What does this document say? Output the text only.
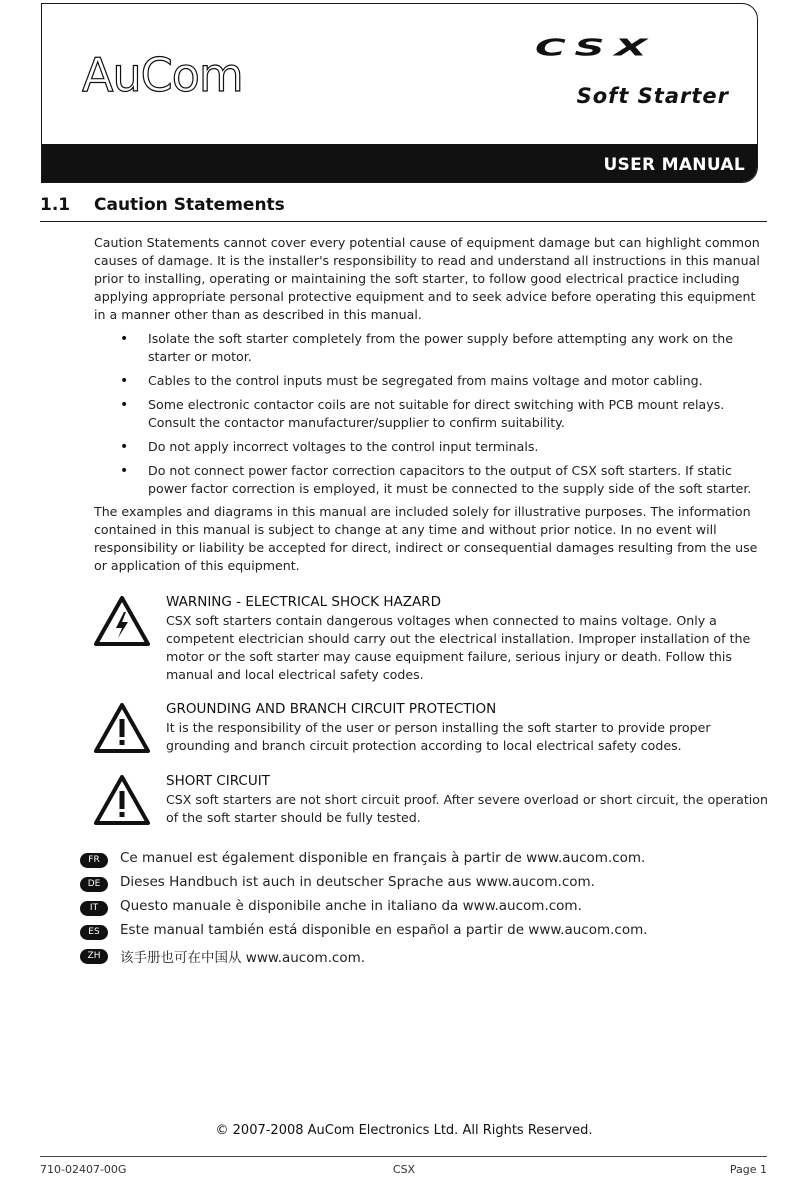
AuCom
CSX
Soft Starter
USER MANUAL
1.1 Caution Statements

Caution Statements cannot cover every potential cause of equipment damage but can highlight common causes of damage. It is the installer's responsibility to read and understand all instructions in this manual prior to installing, operating or maintaining the soft starter, to follow good electrical practice including applying appropriate personal protective equipment and to seek advice before operating this equipment in a manner other than as described in this manual.

• Isolate the soft starter completely from the power supply before attempting any work on the starter or motor.
• Cables to the control inputs must be segregated from mains voltage and motor cabling.
• Some electronic contactor coils are not suitable for direct switching with PCB mount relays. Consult the contactor manufacturer/supplier to confirm suitability.
• Do not apply incorrect voltages to the control input terminals.
• Do not connect power factor correction capacitors to the output of CSX soft starters. If static power factor correction is employed, it must be connected to the supply side of the soft starter.

The examples and diagrams in this manual are included solely for illustrative purposes. The information contained in this manual is subject to change at any time and without prior notice. In no event will responsibility or liability be accepted for direct, indirect or consequential damages resulting from the use or application of this equipment.

WARNING - ELECTRICAL SHOCK HAZARD
CSX soft starters contain dangerous voltages when connected to mains voltage. Only a competent electrician should carry out the electrical installation. Improper installation of the motor or the soft starter may cause equipment failure, serious injury or death. Follow this manual and local electrical safety codes.
GROUNDING AND BRANCH CIRCUIT PROTECTION
It is the responsibility of the user or person installing the soft starter to provide proper grounding and branch circuit protection according to local electrical safety codes.
SHORT CIRCUIT
CSX soft starters are not short circuit proof. After severe overload or short circuit, the operation of the soft starter should be fully tested.
FR	Ce manuel est également disponible en français à partir de www.aucom.com.
DE	Dieses Handbuch ist auch in deutscher Sprache aus www.aucom.com.
IT	Questo manuale è disponibile anche in italiano da www.aucom.com.
ES	Este manual también está disponible en español a partir de www.aucom.com.
ZH	该手册也可在中国从 www.aucom.com.
© 2007-2008 AuCom Electronics Ltd. All Rights Reserved.
710-02407-00G	CSX	Page 1
